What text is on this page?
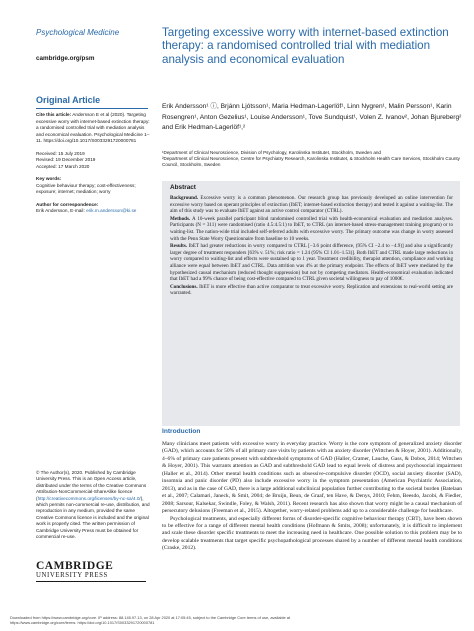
Psychological Medicine
cambridge.org/psm
Original Article

Cite this article: Andersson E et al (2020). Targeting excessive worry with internet-based extinction therapy: a randomised controlled trial with mediation analysis and economical evaluation. Psychological Medicine 1–11. https://doi.org/10.1017/S0033291720000781

Received: 15 July 2019

Revised: 19 December 2019

Accepted: 17 March 2020

Key words:

Cognitive behaviour therapy; cost-effectiveness; exposure; internet; mediation; worry

Author for correspondence:

Erik Andersson, E-mail: erik.m.andersson@ki.se

© The Author(s), 2020. Published by Cambridge University Press. This is an Open Access article, distributed under the terms of the Creative Commons Attribution-NonCommercial-ShareAlike licence (http://creativecommons.org/licenses/by-nc-sa/4.0/), which permits non-commercial re-use, distribution, and reproduction in any medium, provided the same Creative Commons licence is included and the original work is properly cited. The written permission of Cambridge University Press must be obtained for commercial re-use.
CAMBRIDGE
UNIVERSITY PRESS
Targeting excessive worry with internet-based extinction therapy: a randomised controlled trial with mediation analysis and economical evaluation
Erik Andersson¹ ⓘ, Brjánn Ljótsson¹, Maria Hedman-Lagerlöf¹, Linn Nygren¹, Malin Persson¹, Karin Rosengren¹, Anton Gezelius¹, Louise Andersson¹, Tove Sundquist¹, Volen Z. Ivanov², Johan Bjureberg² and Erik Hedman-Lagerlöf¹,²
¹Department of Clinical Neuroscience, Division of Psychology, Karolinska Institutet, Stockholm, Sweden and
²Department of Clinical Neuroscience, Centre for Psychiatry Research, Karolinska Institutet, & Stockholm Health Care Services, Stockholm County Council, Stockholm, Sweden
Abstract

Background. Excessive worry is a common phenomenon. Our research group has previously developed an online intervention for excessive worry based on operant principles of extinction (IbET; internet-based extinction therapy) and tested it against a waiting-list. The aim of this study was to evaluate IbET against an active control comparator (CTRL).

Methods. A 10-week parallel participant blind randomised controlled trial with health-economical evaluation and mediation analyses. Participants (N = 311) were randomised (ratio 4.5:4.5:1) to IbET, to CTRL (an internet-based stress-management training program) or to waiting-list. The nation-wide trial included self-referred adults with excessive worry. The primary outcome was change in worry assessed with the Penn State Worry Questionnaire from baseline to 10 weeks.

Results. IbET had greater reductions in worry compared to CTRL [−3.6 point difference, (95% CI −2.4 to −4.9)] and also a significantly larger degree of treatment responders [63% v. 51%; risk ratio = 1.24 (95% CI 1.01–1.53)]. Both IbET and CTRL made large reductions in worry compared to waiting-list and effects were sustained up to 1 year. Treatment credibility, therapist attention, compliance and working alliance were equal between IbET and CTRL. Data attrition was 4% at the primary endpoint. The effects of IbET were mediated by the hypothesized causal mechanism (reduced thought suppression) but not by competing mediators. Health-economical evaluation indicated that IbET had a 99% chance of being cost-effective compared to CTRL given societal willingness to pay of 1000€.

Conclusions. IbET is more effective than active comparator to treat excessive worry. Replication and extensions to real-world setting are warranted.

Introduction

Many clinicians meet patients with excessive worry in everyday practice. Worry is the core symptom of generalized anxiety disorder (GAD), which accounts for 50% of all primary care visits by patients with an anxiety disorder (Wittchen & Hoyer, 2001). Additionally, 4–6% of primary care patients present with subthreshold symptoms of GAD (Haller, Cramer, Lauche, Gass, & Dobos, 2014; Wittchen & Hoyer, 2001). This warrants attention as GAD and subthreshold GAD lead to equal levels of distress and psychosocial impairment (Haller et al., 2014). Other mental health conditions such as obsessive-compulsive disorder (OCD), social anxiety disorder (SAD), insomnia and panic disorder (PD) also include excessive worry in the symptom presentation (American Psychiatric Association, 2013), and as in the case of GAD, there is a large additional subclinical population further contributing to the societal burden (Batelaan et al., 2007; Calamari, Janeck, & Smit, 2004; de Bruijn, Beun, de Graaf, ten Have, & Denys, 2010; Fehm, Beesdo, Jacobi, & Fiedler, 2008; Sarsour, Kalsekar, Swindle, Foley, & Walsh, 2011). Recent research has also shown that worry might be a causal mechanism of persecutory delusions (Freeman et al., 2015). Altogether, worry-related problems add up to a considerable challenge for healthcare.

Psychological treatments, and especially different forms of disorder-specific cognitive behaviour therapy (CBT), have been shown to be effective for a range of different mental health conditions (Hofmann & Smits, 2008); unfortunately, it is difficult to implement and scale these disorder specific treatments to meet the increasing need in healthcare. One possible solution to this problem may be to develop scalable treatments that target specific psychopathological processes shared by a number of different mental health conditions (Craske, 2012).

Downloaded from https://www.cambridge.org/core. IP address: 88.145.97.13, on 28 Apr 2020 at 17:05:45, subject to the Cambridge Core terms of use, available at
https://www.cambridge.org/core/terms. https://doi.org/10.1017/S0033291720000781
